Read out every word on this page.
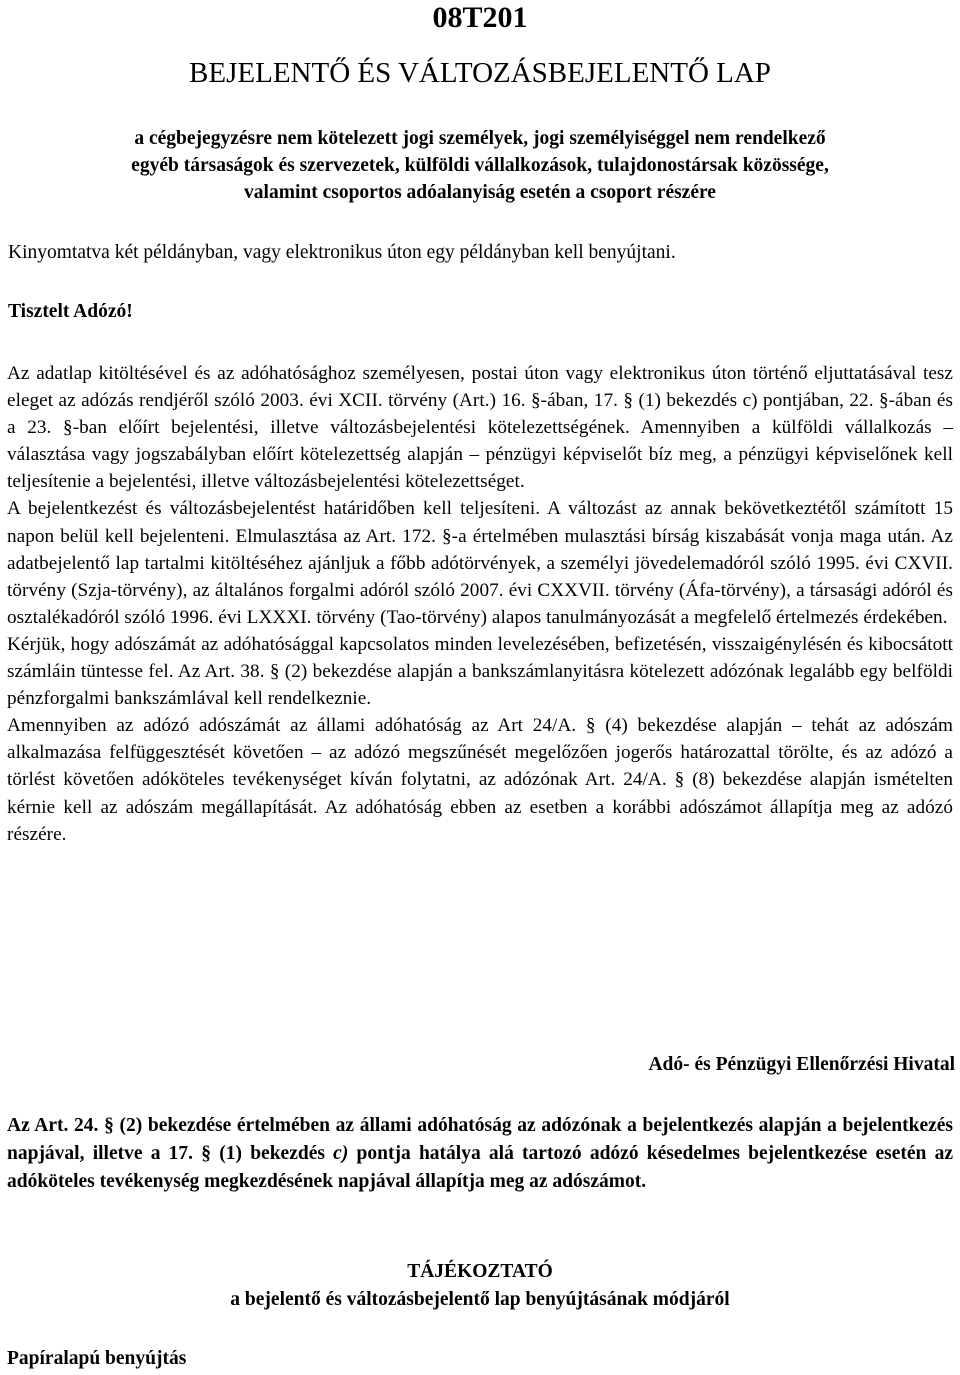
08T201
BEJELENTŐ ÉS VÁLTOZÁSBEJELENTŐ LAP
a cégbejegyzésre nem kötelezett jogi személyek, jogi személyiséggel nem rendelkező
egyéb társaságok és szervezetek, külföldi vállalkozások, tulajdonostársak közössége,
valamint csoportos adóalanyiság esetén a csoport részére
Kinyomtatva két példányban, vagy elektronikus úton egy példányban kell benyújtani.
Tisztelt Adózó!

Az adatlap kitöltésével és az adóhatósághoz személyesen, postai úton vagy elektronikus úton történő eljuttatásával tesz eleget az adózás rendjéről szóló 2003. évi XCII. törvény (Art.) 16. §-ában, 17. § (1) bekezdés c) pontjában, 22. §-ában és a 23. §-ban előírt bejelentési, illetve változásbejelentési kötelezettségének. Amennyiben a külföldi vállalkozás – választása vagy jogszabályban előírt kötelezettség alapján – pénzügyi képviselőt bíz meg, a pénzügyi képviselőnek kell teljesítenie a bejelentési, illetve változásbejelentési kötelezettséget.

A bejelentkezést és változásbejelentést határidőben kell teljesíteni. A változást az annak bekövetkeztétől számított 15 napon belül kell bejelenteni. Elmulasztása az Art. 172. §-a értelmében mulasztási bírság kiszabását vonja maga után. Az adatbejelentő lap tartalmi kitöltéséhez ajánljuk a főbb adótörvények, a személyi jövedelemadóról szóló 1995. évi CXVII. törvény (Szja-törvény), az általános forgalmi adóról szóló 2007. évi CXXVII. törvény (Áfa-törvény), a társasági adóról és osztalékadóról szóló 1996. évi LXXXI. törvény (Tao-törvény) alapos tanulmányozását a megfelelő értelmezés érdekében.

Kérjük, hogy adószámát az adóhatósággal kapcsolatos minden levelezésében, befizetésén, visszaigénylésén és kibocsátott számláin tüntesse fel. Az Art. 38. § (2) bekezdése alapján a bankszámlanyitásra kötelezett adózónak legalább egy belföldi pénzforgalmi bankszámlával kell rendelkeznie.

Amennyiben az adózó adószámát az állami adóhatóság az Art 24/A. § (4) bekezdése alapján – tehát az adószám alkalmazása felfüggesztését követően – az adózó megszűnését megelőzően jogerős határozattal törölte, és az adózó a törlést követően adóköteles tevékenységet kíván folytatni, az adózónak Art. 24/A. § (8) bekezdése alapján ismételten kérnie kell az adószám megállapítását. Az adóhatóság ebben az esetben a korábbi adószámot állapítja meg az adózó részére.

Adó- és Pénzügyi Ellenőrzési Hivatal
Az Art. 24. § (2) bekezdése értelmében az állami adóhatóság az adózónak a bejelentkezés alapján a bejelentkezés napjával, illetve a 17. § (1) bekezdés c) pontja hatálya alá tartozó adózó késedelmes bejelentkezése esetén az adóköteles tevékenység megkezdésének napjával állapítja meg az adószámot.
TÁJÉKOZTATÓ
a bejelentő és változásbejelentő lap benyújtásának módjáról
Papíralapú benyújtás
